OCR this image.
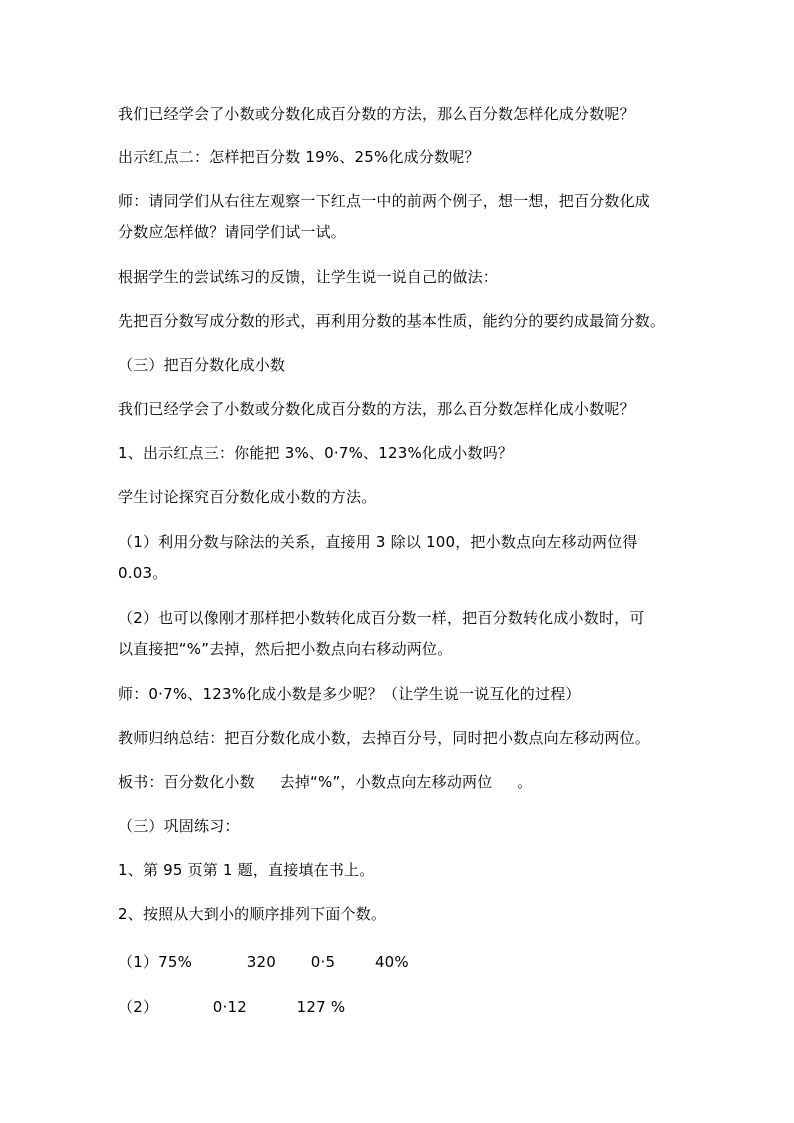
我们已经学会了小数或分数化成百分数的方法，那么百分数怎样化成分数呢？
出示红点二：怎样把百分数 19%、25%化成分数呢？
师：请同学们从右往左观察一下红点一中的前两个例子，想一想，把百分数化成
分数应怎样做？请同学们试一试。
根据学生的尝试练习的反馈，让学生说一说自己的做法：
先把百分数写成分数的形式，再利用分数的基本性质，能约分的要约成最简分数。
（三）把百分数化成小数
我们已经学会了小数或分数化成百分数的方法，那么百分数怎样化成小数呢？
1、出示红点三：你能把 3%、0·7%、123%化成小数吗？
学生讨论探究百分数化成小数的方法。
（1）利用分数与除法的关系，直接用 3 除以 100，把小数点向左移动两位得
0.03。
（2）也可以像刚才那样把小数转化成百分数一样，把百分数转化成小数时，可
以直接把“%”去掉，然后把小数点向右移动两位。
师：0·7%、123%化成小数是多少呢？（让学生说一说互化的过程）
教师归纳总结：把百分数化成小数，去掉百分号，同时把小数点向左移动两位。
板书：百分数化小数     去掉“%”，小数点向左移动两位     。
（三）巩固练习：
1、第 95 页第 1 题，直接填在书上。
2、按照从大到小的顺序排列下面个数。
（1）75%           320       0·5        40%
（2）           0·12          127 %
